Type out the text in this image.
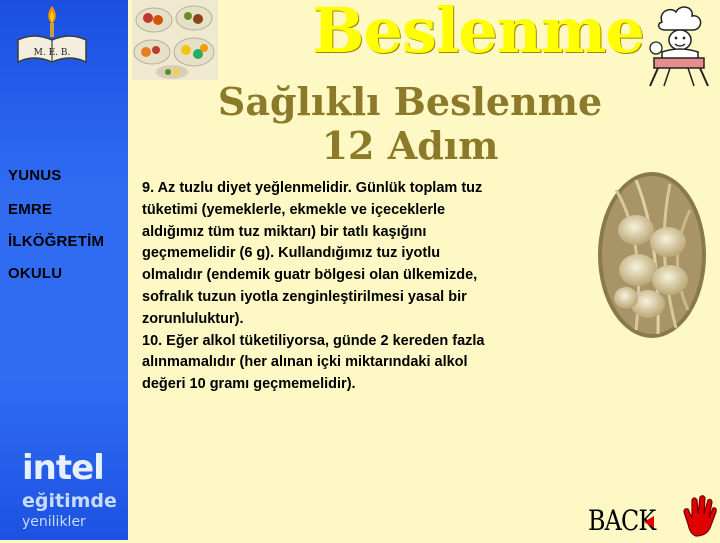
M. E. B.
YUNUS
EMRE
İLKÖĞRETİM
OKULU
intel
eğitimde
yenilikler
Beslenme
Sağlıklı Beslenme 12 Adım
9. Az tuzlu diyet yeğlenmelidir. Günlük toplam tuz tüketimi (yemeklerle, ekmekle ve içeceklerle aldığımız tüm tuz miktarı) bir tatlı kaşığını geçmemelidir (6 g). Kullandığımız tuz iyotlu olmalıdır (endemik guatr bölgesi olan ülkemizde, sofralık tuzun iyotla zenginleştirilmesi yasal bir zorunluluktur).
10. Eğer alkol tüketiliyorsa, günde 2 kereden fazla alınmamalıdır (her alınan içki miktarındaki alkol değeri 10 gramı geçmemelidir).
BACK
